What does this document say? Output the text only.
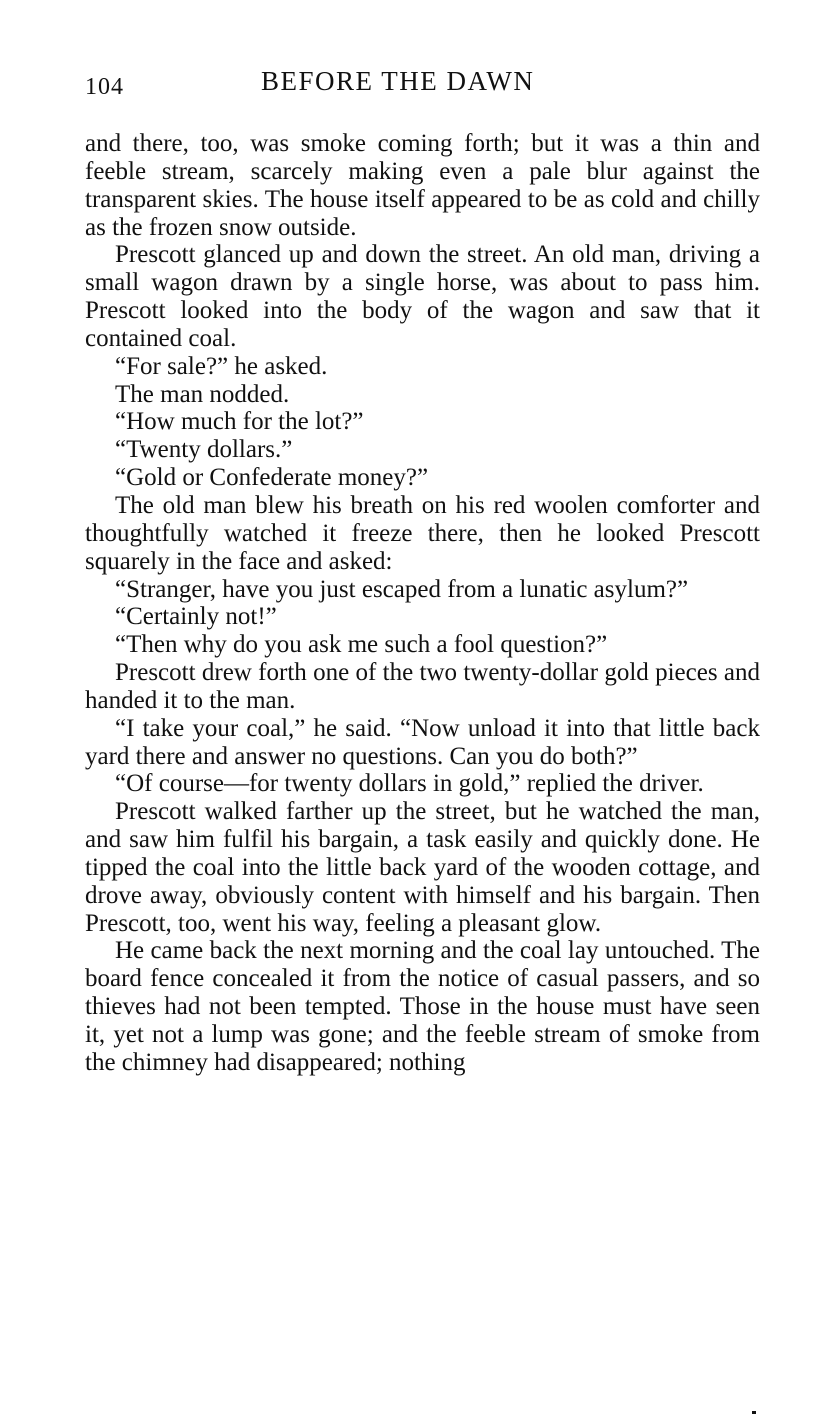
104	BEFORE THE DAWN

and there, too, was smoke coming forth; but it was a thin and feeble stream, scarcely making even a pale blur against the transparent skies. The house itself appeared to be as cold and chilly as the frozen snow outside.

Prescott glanced up and down the street. An old man, driving a small wagon drawn by a single horse, was about to pass him. Prescott looked into the body of the wagon and saw that it contained coal.

“For sale?” he asked.

The man nodded.

“How much for the lot?”

“Twenty dollars.”

“Gold or Confederate money?”

The old man blew his breath on his red woolen comforter and thoughtfully watched it freeze there, then he looked Prescott squarely in the face and asked:

“Stranger, have you just escaped from a lunatic asylum?”

“Certainly not!”

“Then why do you ask me such a fool question?”

Prescott drew forth one of the two twenty-dollar gold pieces and handed it to the man.

“I take your coal,” he said. “Now unload it into that little back yard there and answer no questions. Can you do both?”

“Of course—for twenty dollars in gold,” replied the driver.

Prescott walked farther up the street, but he watched the man, and saw him fulfil his bargain, a task easily and quickly done. He tipped the coal into the little back yard of the wooden cottage, and drove away, obviously content with himself and his bargain. Then Prescott, too, went his way, feeling a pleasant glow.

He came back the next morning and the coal lay untouched. The board fence concealed it from the notice of casual passers, and so thieves had not been tempted. Those in the house must have seen it, yet not a lump was gone; and the feeble stream of smoke from the chimney had disappeared; nothing
